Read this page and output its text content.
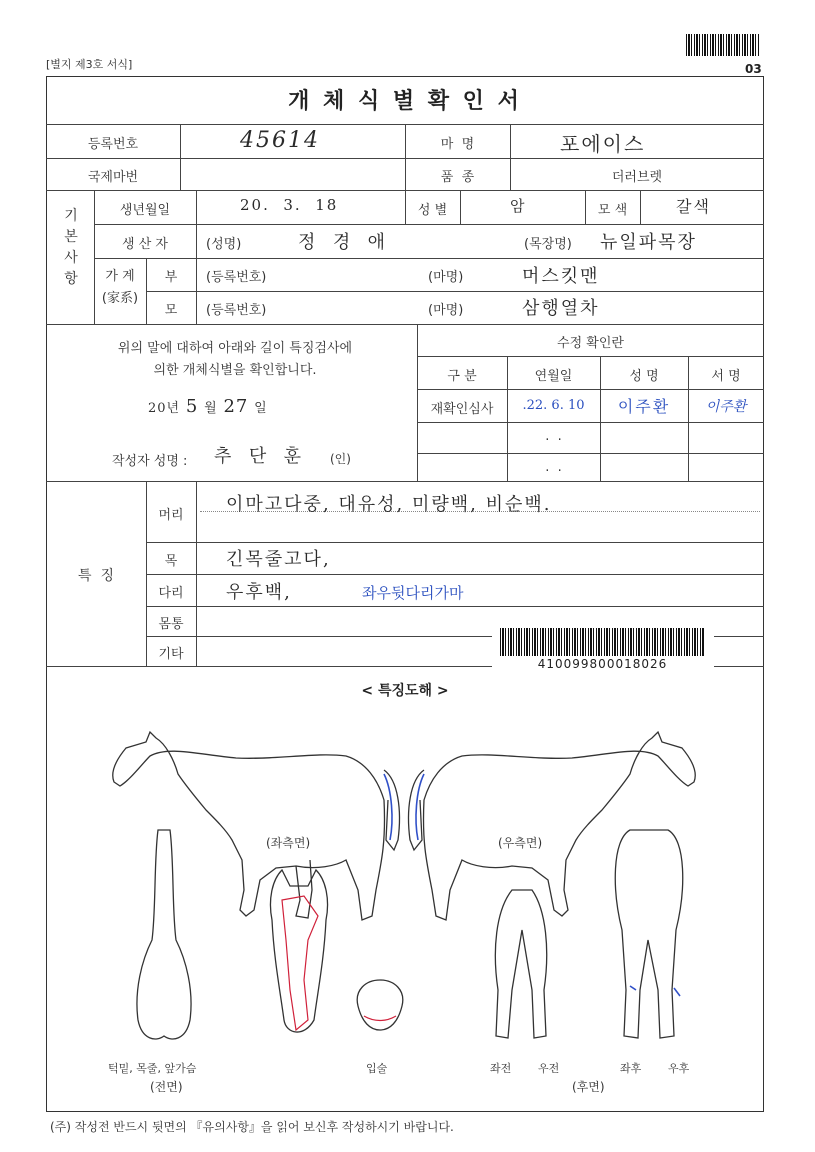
03
[별지 제3호 서식]
개 체 식 별 확 인 서
등록번호	45614	마  명	포에이스
국제마번	품  종	더러브렛
기
본
사
항
생년월일	20.  3.  18	성 별	암	모 색	갈색
생 산 자	(성명)	정  경  애	(목장명) 뉴일파목장
가 계
(家系)
부	(등록번호)	(마명)	머스킷맨
모	(등록번호)	(마명)	삼행열차
위의 말에 대하여 아래와 길이 특징검사에
의한 개체식별을 확인합니다.
20년 5 월 27 일
작성자 성명 : 추  단  훈 (인)
수정 확인란
구 분	연월일	성 명	서 명
재확인심사	.22. 6. 10	이주환	이주환
.  .
.  .
특  징
머리
이마고다중, 대유성, 미량백, 비순백.
목	긴목줄고다,
다리	우후백,	좌우뒷다리가마
몸통
기타
410099800018026
< 특징도해 >
(좌측면)	(우측면)
턱밑, 목줄, 앞가슴
(전면)
입술	좌전 우전	좌후 우후
(후면)
(주) 작성전 반드시 뒷면의 『유의사항』을 읽어 보신후 작성하시기 바랍니다.
